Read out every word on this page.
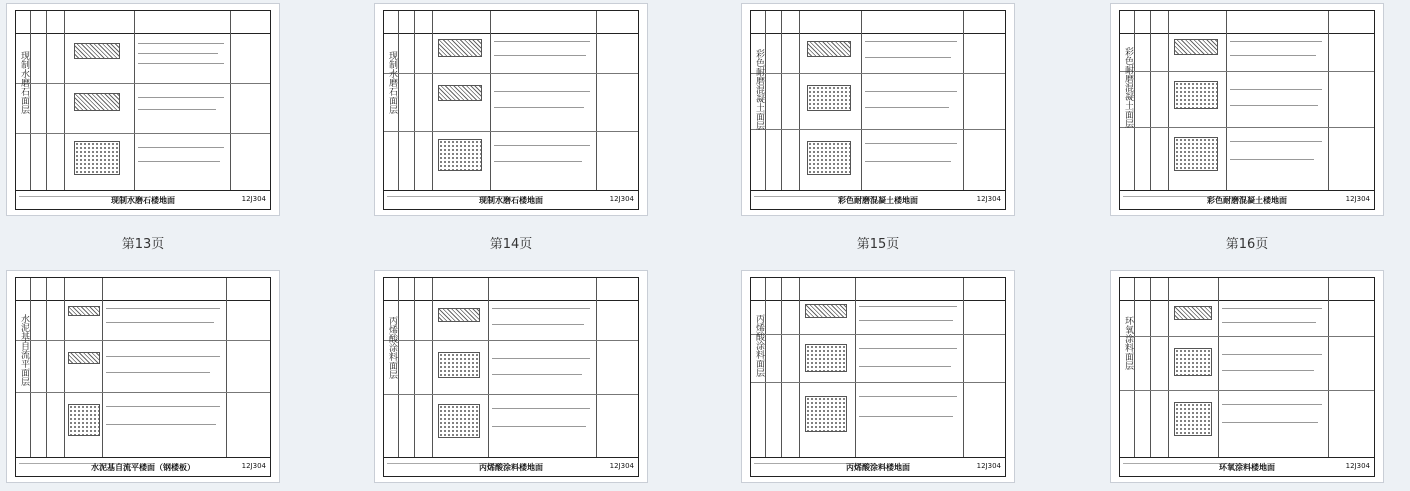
现制水磨石面层
现制水磨石楼地面	12J304
现制水磨石面层
现制水磨石楼地面	12J304
彩色耐磨混凝土面层
彩色耐磨混凝土楼地面	12J304
彩色耐磨混凝土面层
彩色耐磨混凝土楼地面	12J304
第13页	第14页	第15页	第16页
水泥基自流平面层
水泥基自流平楼面（钢楼板）	12J304
丙烯酸涂料面层
丙烯酸涂料楼地面	12J304
丙烯酸涂料面层
丙烯酸涂料楼地面	12J304
环氧涂料面层
环氧涂料楼地面	12J304
